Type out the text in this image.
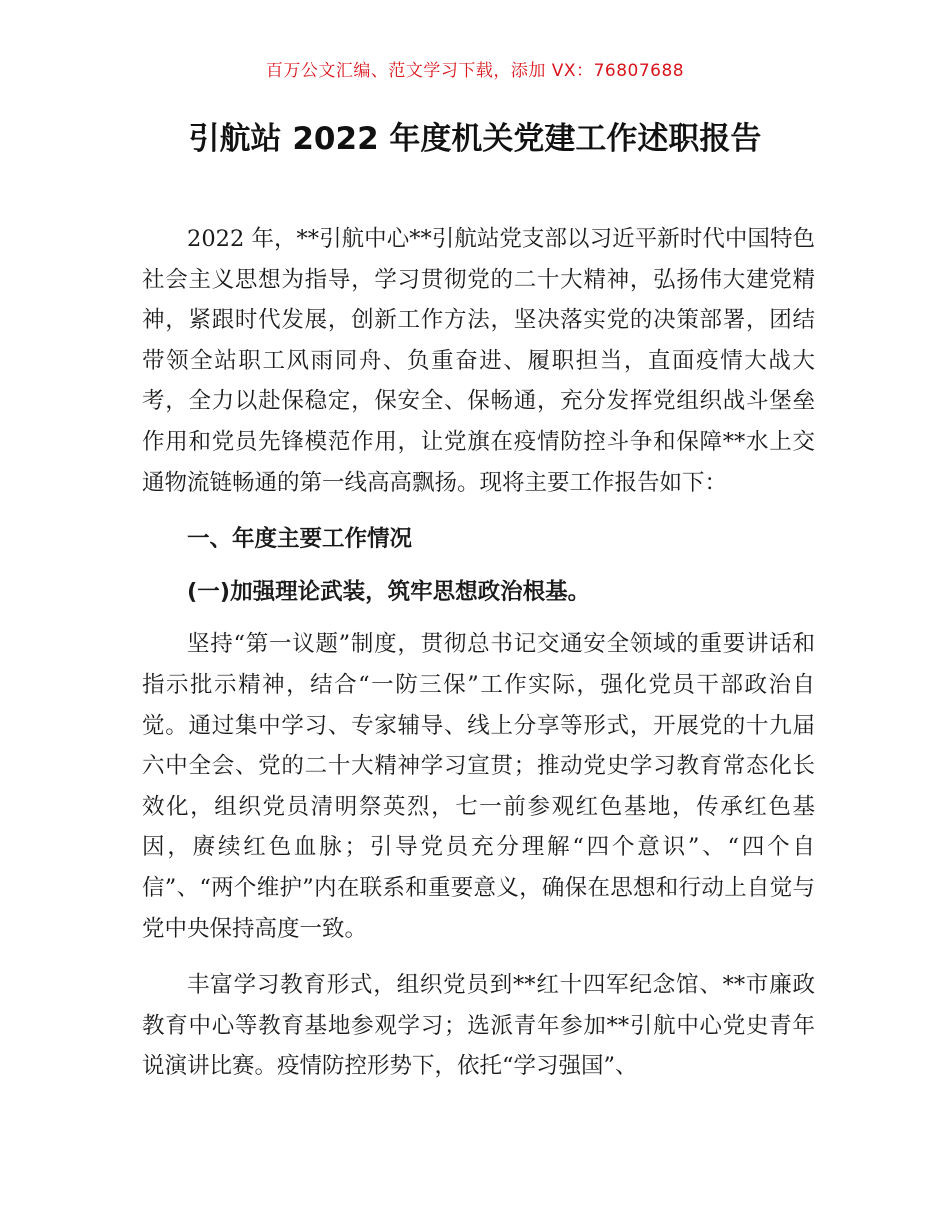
百万公文汇编、范文学习下载，添加 VX：76807688
引航站 2022 年度机关党建工作述职报告

2022 年，**引航中心**引航站党支部以习近平新时代中国特色社会主义思想为指导，学习贯彻党的二十大精神，弘扬伟大建党精神，紧跟时代发展，创新工作方法，坚决落实党的决策部署，团结带领全站职工风雨同舟、负重奋进、履职担当，直面疫情大战大考，全力以赴保稳定，保安全、保畅通，充分发挥党组织战斗堡垒作用和党员先锋模范作用，让党旗在疫情防控斗争和保障**水上交通物流链畅通的第一线高高飘扬。现将主要工作报告如下：

一、年度主要工作情况
(一)加强理论武装，筑牢思想政治根基。

坚持“第一议题”制度，贯彻总书记交通安全领域的重要讲话和指示批示精神，结合“一防三保”工作实际，强化党员干部政治自觉。通过集中学习、专家辅导、线上分享等形式，开展党的十九届六中全会、党的二十大精神学习宣贯；推动党史学习教育常态化长效化，组织党员清明祭英烈，七一前参观红色基地，传承红色基因，赓续红色血脉；引导党员充分理解“四个意识”、“四个自信”、“两个维护”内在联系和重要意义，确保在思想和行动上自觉与党中央保持高度一致。

丰富学习教育形式，组织党员到**红十四军纪念馆、**市廉政教育中心等教育基地参观学习；选派青年参加**引航中心党史青年说演讲比赛。疫情防控形势下，依托“学习强国”、
